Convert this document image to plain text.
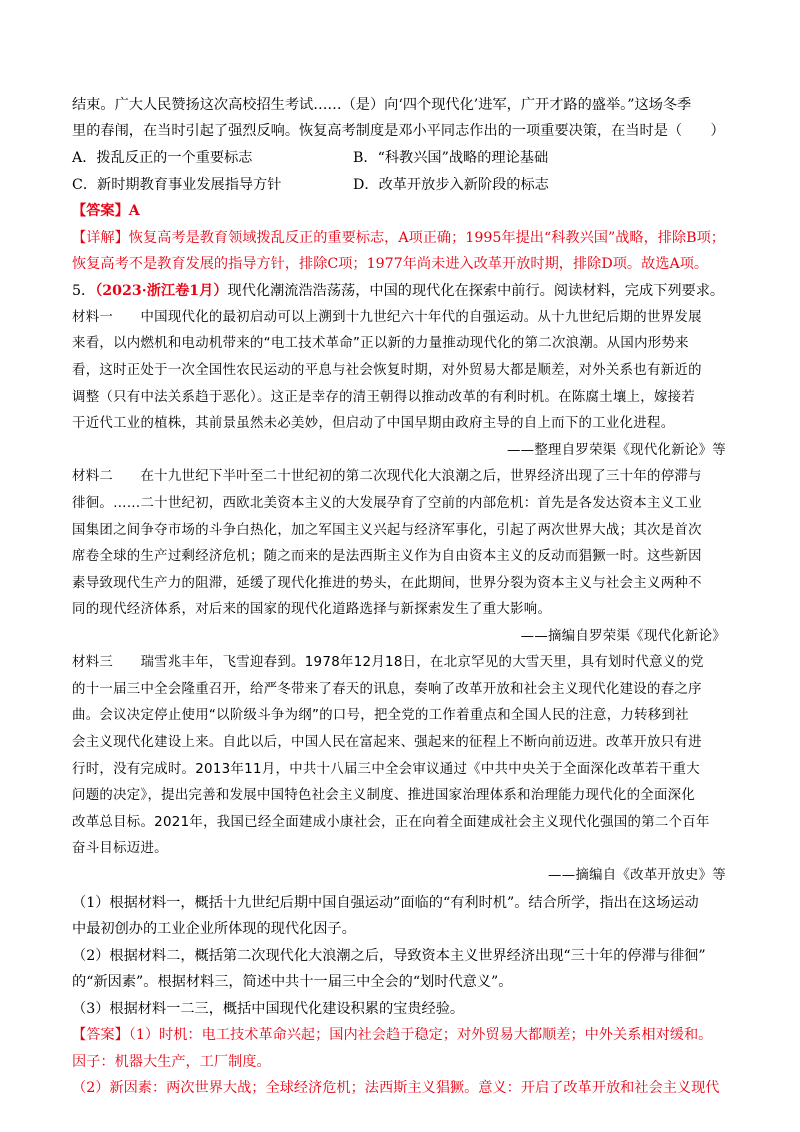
结束。广大人民赞扬这次高校招生考试……（是）向‘四个现代化’进军，广开才路的盛举。”这场冬季
里的春闱，在当时引起了强烈反响。恢复高考制度是邓小平同志作出的一项重要决策，在当时是（　　）
A．拨乱反正的一个重要标志	B．“科教兴国”战略的理论基础
C．新时期教育事业发展指导方针	D．改革开放步入新阶段的标志
【答案】A
【详解】恢复高考是教育领域拨乱反正的重要标志，A项正确；1995年提出“科教兴国”战略，排除B项；
恢复高考不是教育发展的指导方针，排除C项；1977年尚未进入改革开放时期，排除D项。故选A项。
5．（2023·浙江卷1月）现代化潮流浩浩荡荡，中国的现代化在探索中前行。阅读材料，完成下列要求。
材料一　　中国现代化的最初启动可以上溯到十九世纪六十年代的自强运动。从十九世纪后期的世界发展
来看，以内燃机和电动机带来的“电工技术革命”正以新的力量推动现代化的第二次浪潮。从国内形势来
看，这时正处于一次全国性农民运动的平息与社会恢复时期，对外贸易大都是顺差，对外关系也有新近的
调整（只有中法关系趋于恶化）。这正是幸存的清王朝得以推动改革的有利时机。在陈腐土壤上，嫁接若
干近代工业的植株，其前景虽然未必美妙，但启动了中国早期由政府主导的自上而下的工业化进程。
——整理自罗荣渠《现代化新论》等
材料二　　在十九世纪下半叶至二十世纪初的第二次现代化大浪潮之后，世界经济出现了三十年的停滞与
徘徊。……二十世纪初，西欧北美资本主义的大发展孕育了空前的内部危机：首先是各发达资本主义工业
国集团之间争夺市场的斗争白热化，加之军国主义兴起与经济军事化，引起了两次世界大战；其次是首次
席卷全球的生产过剩经济危机；随之而来的是法西斯主义作为自由资本主义的反动而猖獗一时。这些新因
素导致现代生产力的阻滞，延缓了现代化推进的势头，在此期间，世界分裂为资本主义与社会主义两种不
同的现代经济体系，对后来的国家的现代化道路选择与新探索发生了重大影响。
——摘编自罗荣渠《现代化新论》
材料三　　瑞雪兆丰年，飞雪迎春到。1978年12月18日，在北京罕见的大雪天里，具有划时代意义的党
的十一届三中全会隆重召开，给严冬带来了春天的讯息，奏响了改革开放和社会主义现代化建设的春之序
曲。会议决定停止使用“以阶级斗争为纲”的口号，把全党的工作着重点和全国人民的注意，力转移到社
会主义现代化建设上来。自此以后，中国人民在富起来、强起来的征程上不断向前迈进。改革开放只有进
行时，没有完成时。2013年11月，中共十八届三中全会审议通过《中共中央关于全面深化改革若干重大
问题的决定》，提出完善和发展中国特色社会主义制度、推进国家治理体系和治理能力现代化的全面深化
改革总目标。2021年，我国已经全面建成小康社会，正在向着全面建成社会主义现代化强国的第二个百年
奋斗目标迈进。
——摘编自《改革开放史》等
（1）根据材料一，概括十九世纪后期中国自强运动”面临的“有利时机”。结合所学，指出在这场运动
中最初创办的工业企业所体现的现代化因子。
（2）根据材料二，概括第二次现代化大浪潮之后，导致资本主义世界经济出现“三十年的停滞与徘徊”
的“新因素”。根据材料三，简述中共十一届三中全会的“划时代意义”。
（3）根据材料一二三，概括中国现代化建设积累的宝贵经验。
【答案】（1）时机：电工技术革命兴起；国内社会趋于稳定；对外贸易大都顺差；中外关系相对缓和。
因子：机器大生产，工厂制度。
（2）新因素：两次世界大战；全球经济危机；法西斯主义猖獗。意义：开启了改革开放和社会主义现代
